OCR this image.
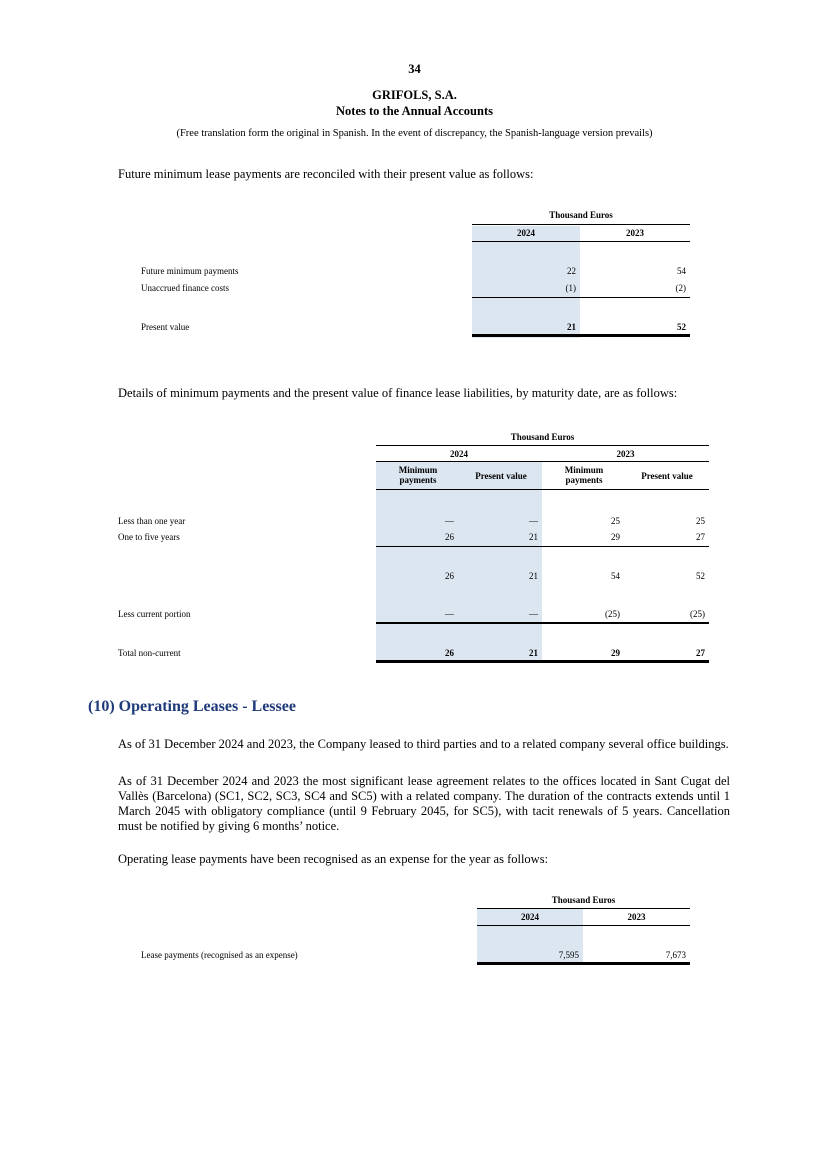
34
GRIFOLS, S.A.
Notes to the Annual Accounts
(Free translation form the original in Spanish. In the event of discrepancy, the Spanish-language version prevails)
Future minimum lease payments are reconciled with their present value as follows:
Thousand Euros
2024	2023
Future minimum payments	22	54
Unaccrued finance costs	(1)	(2)
Present value	21	52
Details of minimum payments and the present value of finance lease liabilities, by maturity date, are as follows:
Thousand Euros
2024	2023
Minimum payments	Present value
Minimum payments	Present value
Less than one year	—	—	25	25
One to five years	26	21	29	27
26	21	54	52
Less current portion	—	—	(25)	(25)
Total non-current	26	21	29	27
(10) Operating Leases - Lessee
As of 31 December 2024 and 2023, the Company leased to third parties and to a related company several office buildings.
As of 31 December 2024 and 2023 the most significant lease agreement relates to the offices located in Sant Cugat del Vallès (Barcelona) (SC1, SC2, SC3, SC4 and SC5) with a related company. The duration of the contracts extends until 1 March 2045 with obligatory compliance (until 9 February 2045, for SC5), with tacit renewals of 5 years. Cancellation must be notified by giving 6 months’ notice.
Operating lease payments have been recognised as an expense for the year as follows:
Thousand Euros
2024	2023
Lease payments (recognised as an expense)	7,595	7,673
